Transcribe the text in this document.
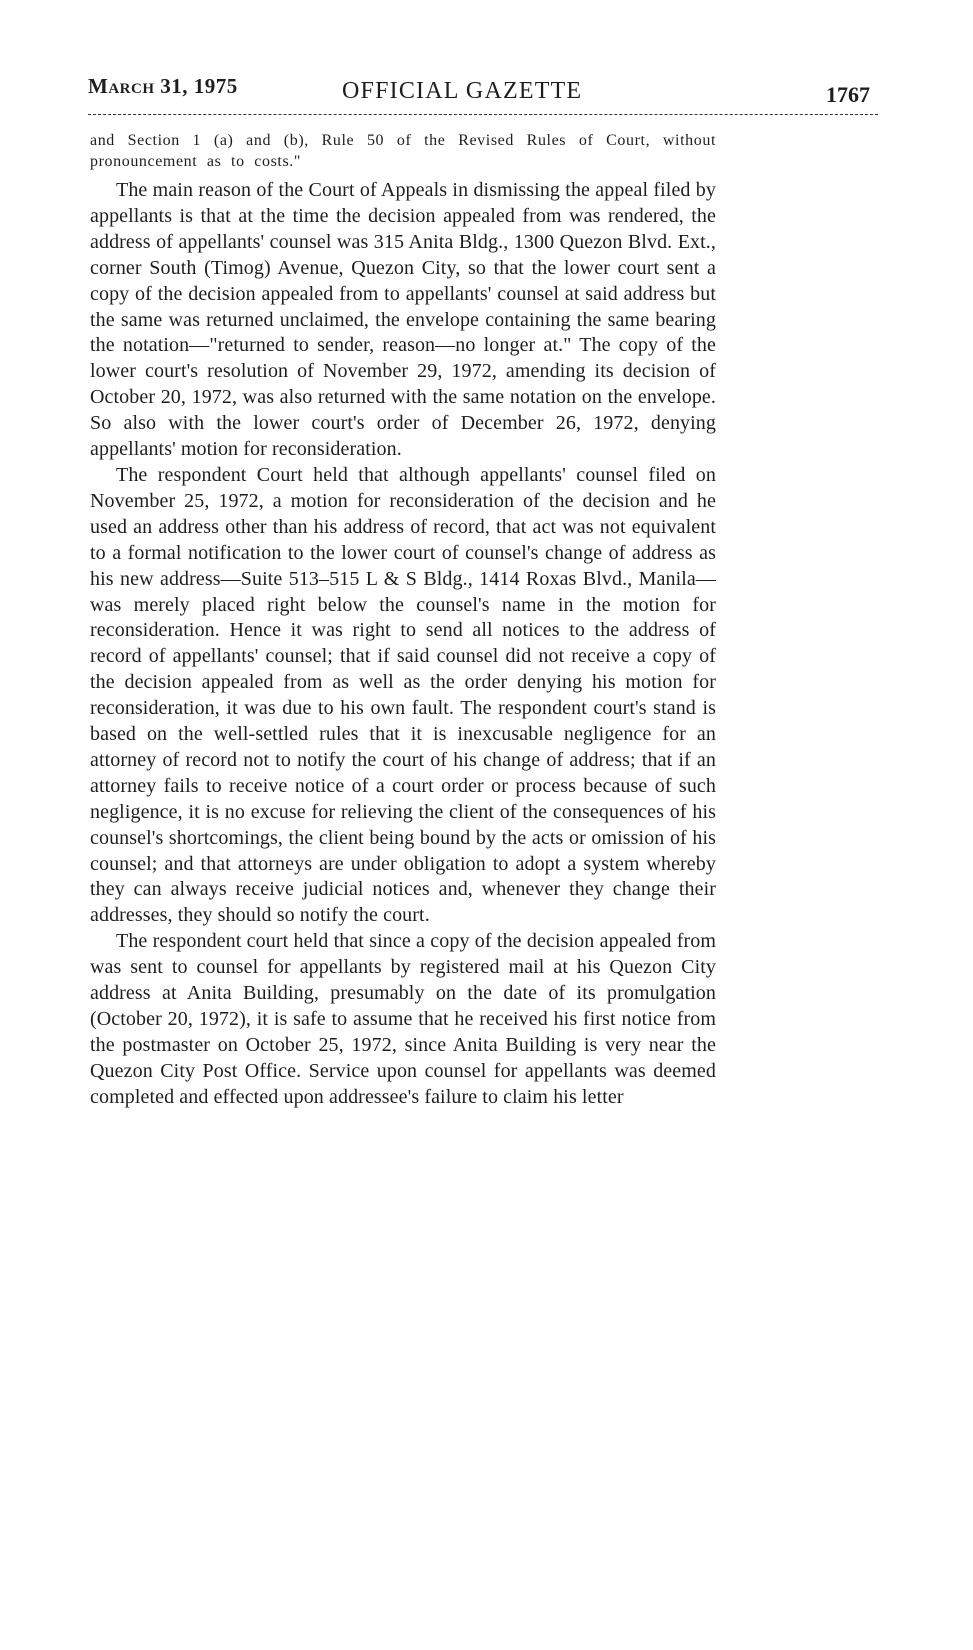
MARCH 31, 1975	OFFICIAL GAZETTE	1767

and Section 1 (a) and (b), Rule 50 of the Revised Rules of Court, without pronouncement as to costs."

The main reason of the Court of Appeals in dismissing the appeal filed by appellants is that at the time the decision appealed from was rendered, the address of appellants' counsel was 315 Anita Bldg., 1300 Quezon Blvd. Ext., corner South (Timog) Avenue, Quezon City, so that the lower court sent a copy of the decision appealed from to appellants' counsel at said address but the same was returned unclaimed, the envelope containing the same bearing the notation—"returned to sender, reason—no longer at." The copy of the lower court's resolution of November 29, 1972, amending its decision of October 20, 1972, was also returned with the same notation on the envelope. So also with the lower court's order of December 26, 1972, denying appellants' motion for reconsideration.

The respondent Court held that although appellants' counsel filed on November 25, 1972, a motion for reconsideration of the decision and he used an address other than his address of record, that act was not equivalent to a formal notification to the lower court of counsel's change of address as his new address—Suite 513–515 L & S Bldg., 1414 Roxas Blvd., Manila—was merely placed right below the counsel's name in the motion for reconsideration. Hence it was right to send all notices to the address of record of appellants' counsel; that if said counsel did not receive a copy of the decision appealed from as well as the order denying his motion for reconsideration, it was due to his own fault. The respondent court's stand is based on the well-settled rules that it is inexcusable negligence for an attorney of record not to notify the court of his change of address; that if an attorney fails to receive notice of a court order or process because of such negligence, it is no excuse for relieving the client of the consequences of his counsel's shortcomings, the client being bound by the acts or omission of his counsel; and that attorneys are under obligation to adopt a system whereby they can always receive judicial notices and, whenever they change their addresses, they should so notify the court.

The respondent court held that since a copy of the decision appealed from was sent to counsel for appellants by registered mail at his Quezon City address at Anita Building, presumably on the date of its promulgation (October 20, 1972), it is safe to assume that he received his first notice from the postmaster on October 25, 1972, since Anita Building is very near the Quezon City Post Office. Service upon counsel for appellants was deemed completed and effected upon addressee's failure to claim his letter
